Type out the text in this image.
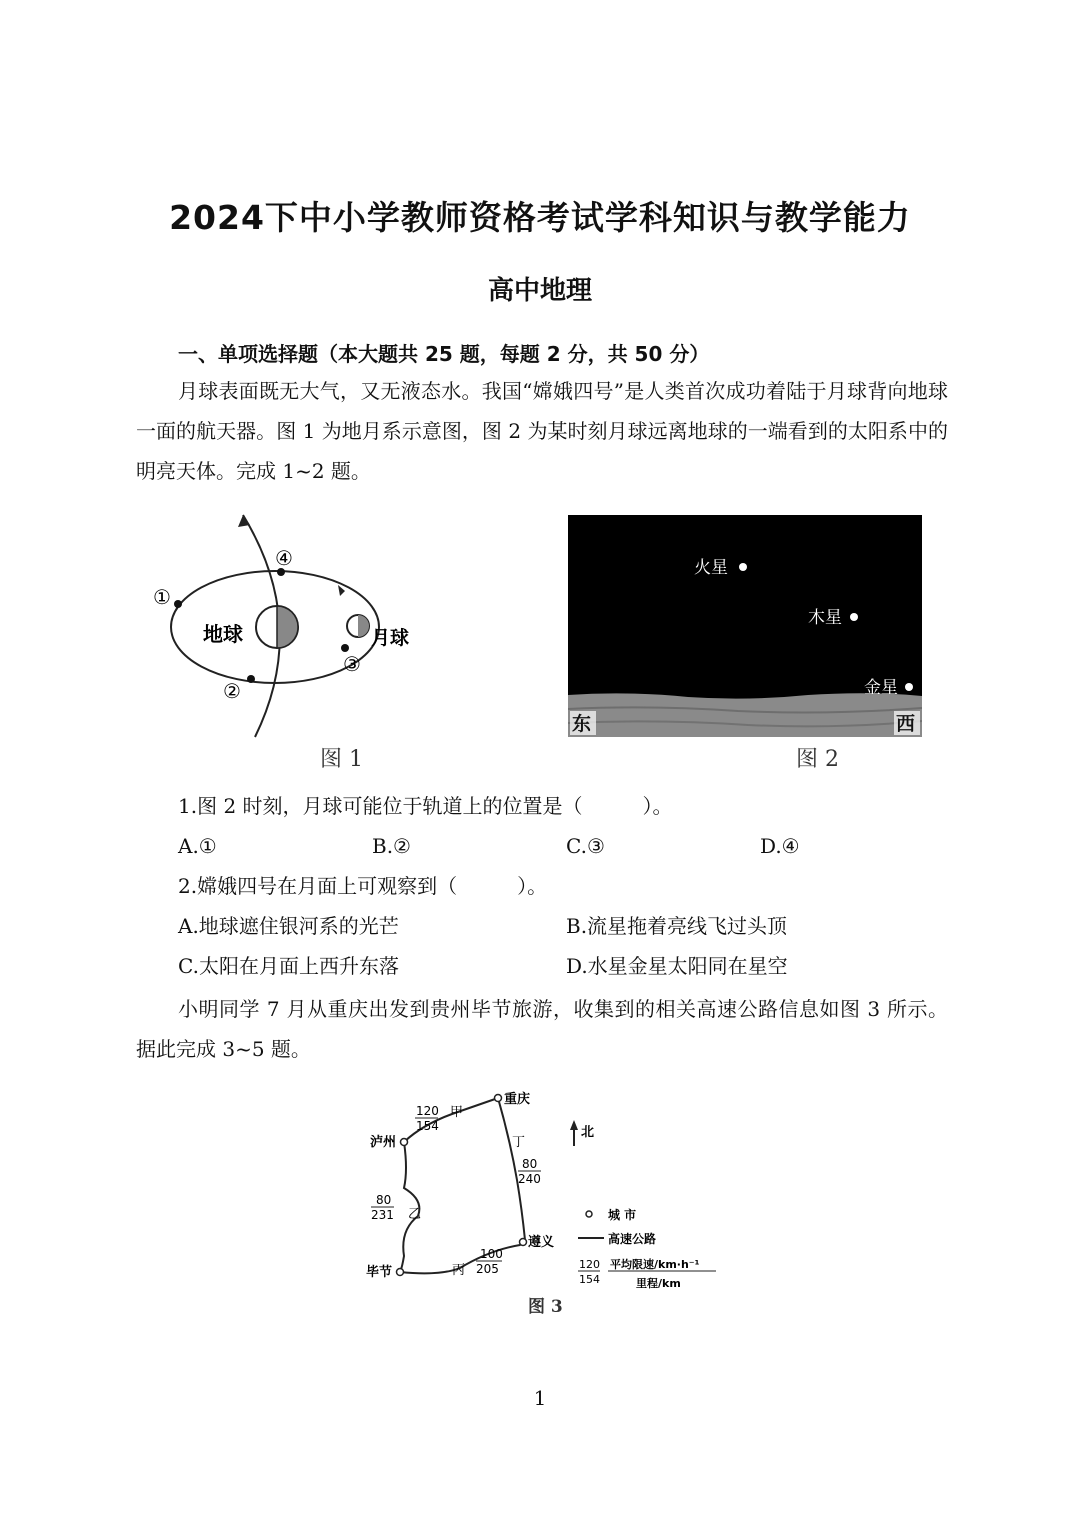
2024下中小学教师资格考试学科知识与教学能力
高中地理
一、单项选择题（本大题共 25 题，每题 2 分，共 50 分）

月球表面既无大气，又无液态水。我国“嫦娥四号”是人类首次成功着陆于月球背向地球一面的航天器。图 1 为地月系示意图，图 2 为某时刻月球远离地球的一端看到的太阳系中的明亮天体。完成 1~2 题。

地球	月球
①
②
③
④
图 1
火星
木星
金星
东	西
图 2
1.图 2 时刻，月球可能位于轨道上的位置是（　　　）。
A.①	B.②	C.③	D.④
2.嫦娥四号在月面上可观察到（　　　）。
A.地球遮住银河系的光芒	B.流星拖着亮线飞过头顶
C.太阳在月面上西升东落	D.水星金星太阳同在星空

小明同学 7 月从重庆出发到贵州毕节旅游，收集到的相关高速公路信息如图 3 所示。据此完成 3~5 题。

重庆
泸州
遵义
毕节
甲
乙
丙
丁
120
154
80
240
80
231
100
205
北
城 市
高速公路
120
154
平均限速/km·h⁻¹
里程/km
图 3
1
